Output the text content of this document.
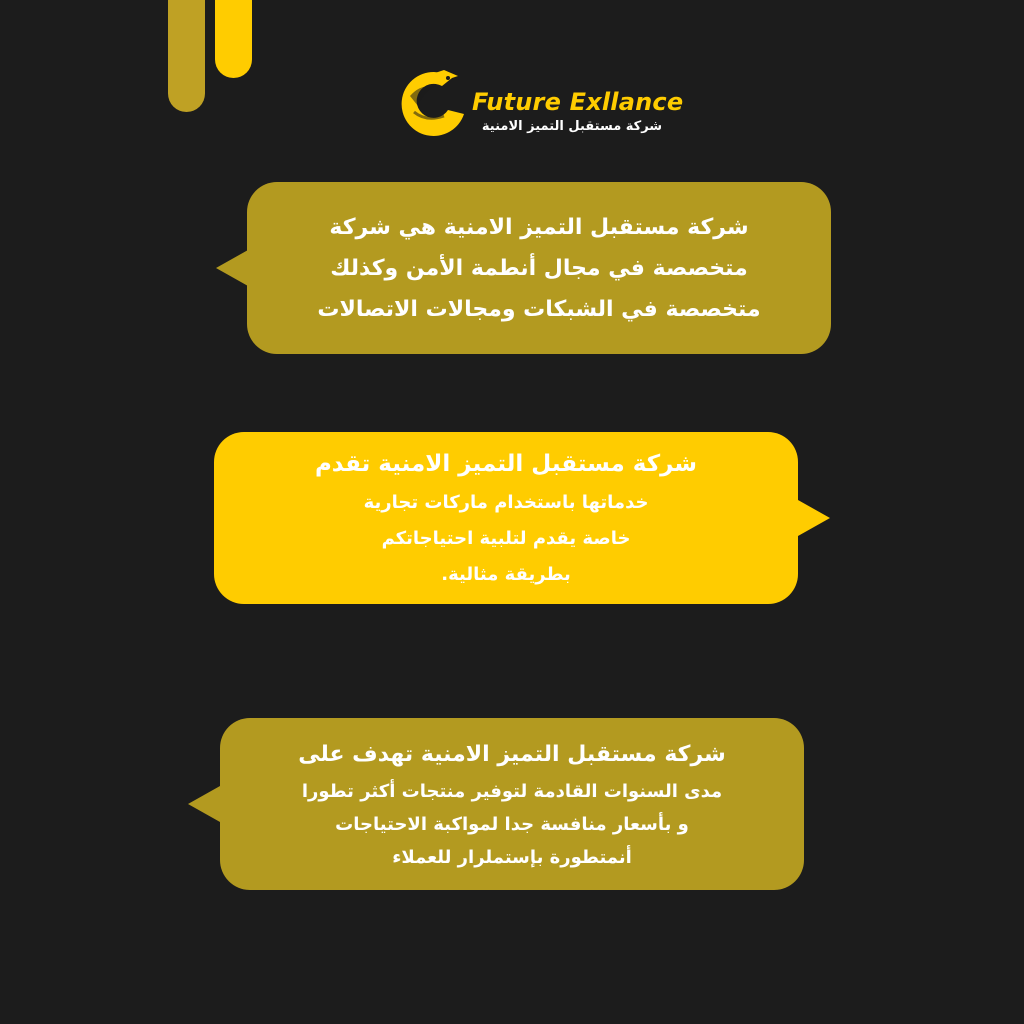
Future Exllance
شركة مستقبل التميز الامنية
شركة مستقبل التميز الامنية هي شركة
متخصصة في مجال أنطمة الأمن وكذلك
متخصصة في الشبكات ومجالات الاتصالات
شركة مستقبل التميز الامنية تقدم
خدماتها باستخدام ماركات تجارية
خاصة يقدم لتلبية احتياجاتكم
بطريقة مثالية.
شركة مستقبل التميز الامنية تهدف على
مدى السنوات القادمة لتوفير منتجات أكثر تطورا
و بأسعار منافسة جدا لمواكبة الاحتياجات
أنمتطورة بإستملرار للعملاء
